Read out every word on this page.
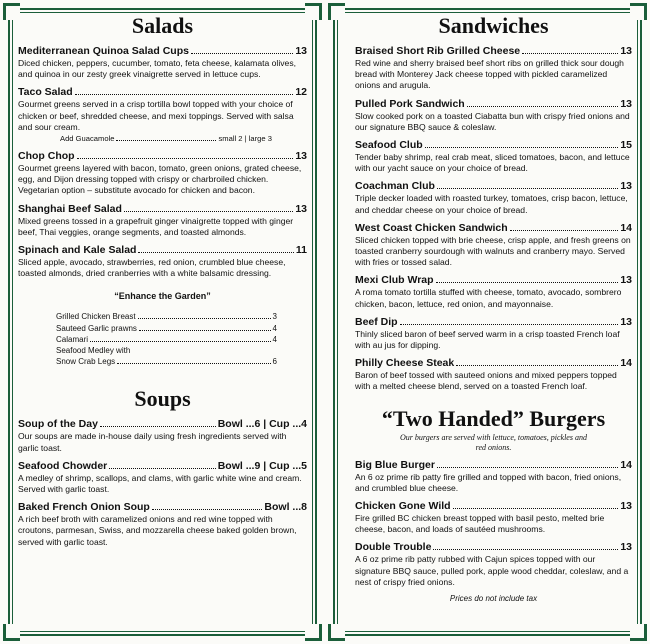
Salads
Mediterranean Quinoa Salad Cups	13

Diced chicken, peppers, cucumber, tomato, feta cheese, kalamata olives, and quinoa in our zesty greek vinaigrette served in lettuce cups.

Taco Salad	12

Gourmet greens served in a crisp tortilla bowl topped with your choice of chicken or beef, shredded cheese, and mexi toppings. Served with salsa and sour cream.

Add Guacamole	small 2 | large 3
Chop Chop	13

Gourmet greens layered with bacon, tomato, green onions, grated cheese, egg, and Dijon dressing topped with crispy or charbroiled chicken. Vegetarian option – substitute avocado for chicken and bacon.

Shanghai Beef Salad	13

Mixed greens tossed in a grapefruit ginger vinaigrette topped with ginger beef, Thai veggies, orange segments, and toasted almonds.

Spinach and Kale Salad	11

Sliced apple, avocado, strawberries, red onion, crumbled blue cheese, toasted almonds, dried cranberries with a white balsamic dressing.

“Enhance the Garden”
Grilled Chicken Breast	3
Sauteed Garlic prawns	4
Calamari	4
Seafood Medley with
Snow Crab Legs	6
Soups
Soup of the Day	Bowl ...6 | Cup ...4

Our soups are made in-house daily using fresh ingredients served with garlic toast.

Seafood Chowder	Bowl ...9 | Cup ...5

A medley of shrimp, scallops, and clams, with garlic white wine and cream. Served with garlic toast.

Baked French Onion Soup	Bowl ...8

A rich beef broth with caramelized onions and red wine topped with croutons, parmesan, Swiss, and mozzarella cheese baked golden brown, served with garlic toast.

Sandwiches
Braised Short Rib Grilled Cheese	13

Red wine and sherry braised beef short ribs on grilled thick sour dough bread with Monterey Jack cheese topped with pickled caramelized onions and arugula.

Pulled Pork Sandwich	13

Slow cooked pork on a toasted Ciabatta bun with crispy fried onions and our signature BBQ sauce & coleslaw.

Seafood Club	15

Tender baby shrimp, real crab meat, sliced tomatoes, bacon, and lettuce with our yacht sauce on your choice of bread.

Coachman Club	13

Triple decker loaded with roasted turkey, tomatoes, crisp bacon, lettuce, and cheddar cheese on your choice of bread.

West Coast Chicken Sandwich	14

Sliced chicken topped with brie cheese, crisp apple, and fresh greens on toasted cranberry sourdough with walnuts and cranberry mayo. Served with fries or tossed salad.

Mexi Club Wrap	13

A roma tomato tortilla stuffed with cheese, tomato, avocado, sombrero chicken, bacon, lettuce, red onion, and mayonnaise.

Beef Dip	13

Thinly sliced baron of beef served warm in a crisp toasted French loaf with au jus for dipping.

Philly Cheese Steak	14

Baron of beef tossed with sauteed onions and mixed peppers topped with a melted cheese blend, served on a toasted French loaf.

“Two Handed” Burgers

Our burgers are served with lettuce, tomatoes, pickles and red onions.

Big Blue Burger	14

An 6 oz prime rib patty fire grilled and topped with bacon, fried onions, and crumbled blue cheese.

Chicken Gone Wild	13

Fire grilled BC chicken breast topped with basil pesto, melted brie cheese, bacon, and loads of sautéed mushrooms.

Double Trouble	13

A 6 oz prime rib patty rubbed with Cajun spices topped with our signature BBQ sauce, pulled pork, apple wood cheddar, coleslaw, and a nest of crispy fried onions.

Prices do not include tax
